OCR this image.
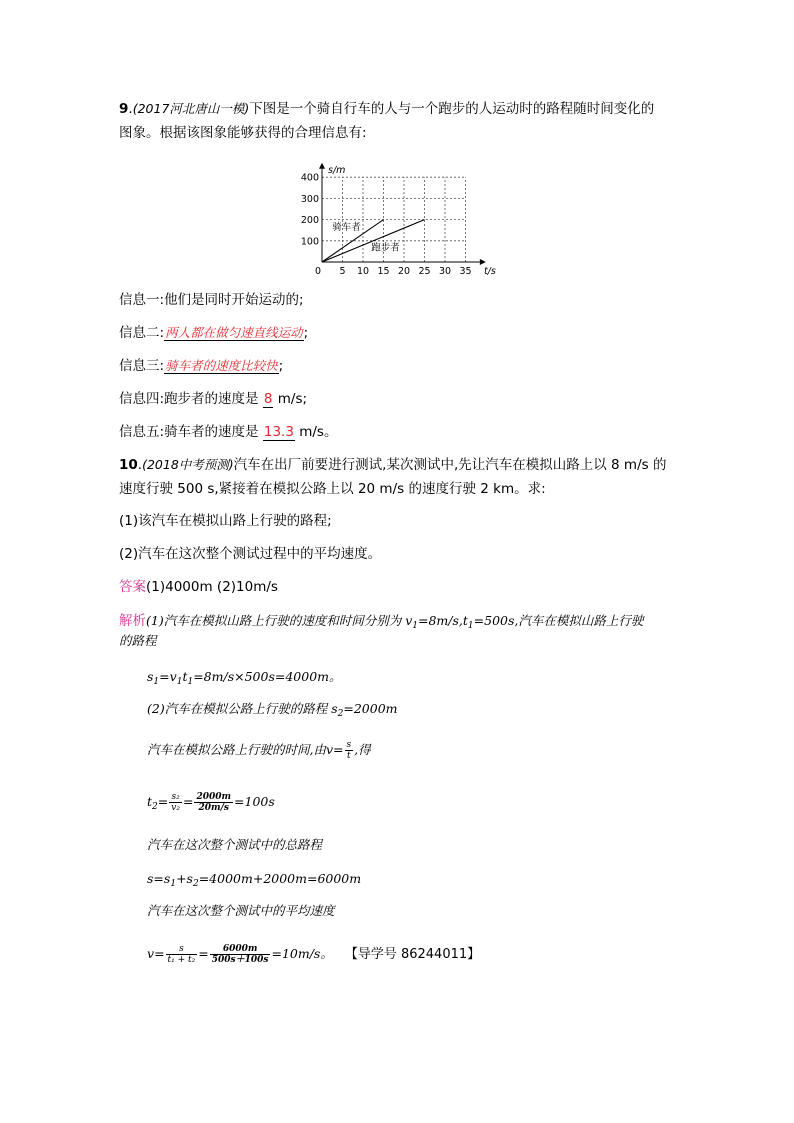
9.(2017河北唐山一模)下图是一个骑自行车的人与一个跑步的人运动时的路程随时间变化的
图象。根据该图象能够获得的合理信息有:
0 5 10 15 20 25 30 35
100
200
300
400
t/s
s/m
骑车者
跑步者
信息一:他们是同时开始运动的;
信息二:两人都在做匀速直线运动;
信息三:骑车者的速度比较快;
信息四:跑步者的速度是 8 m/s;
信息五:骑车者的速度是 13.3 m/s。
10.(2018中考预测)汽车在出厂前要进行测试,某次测试中,先让汽车在模拟山路上以 8 m/s 的
速度行驶 500 s,紧接着在模拟公路上以 20 m/s 的速度行驶 2 km。求:
(1)该汽车在模拟山路上行驶的路程;
(2)汽车在这次整个测试过程中的平均速度。
答案(1)4000m (2)10m/s
解析(1)汽车在模拟山路上行驶的速度和时间分别为 $v_1=8m/s,t_1=500s$,汽车在模拟山路上行驶
的路程
$s_1=v_1t_1=8m/s\times 500s=4000m$。
(2)汽车在模拟公路上行驶的路程 $s_2=2000m$
汽车在模拟公路上行驶的时间,由$v= \frac{s}{t}$ ,得
$t_2= \frac{\text{s₂}}{\text{v₂}} = \frac{2000m}{20m/s} =100s$
汽车在这次整个测试中的总路程
$s=s_1+s_2=4000m+2000m=6000m$
汽车在这次整个测试中的平均速度
$v= \frac{s}{\text{t₁ + t₂}} = \frac{6000m}{500s+100s} =10m/s$。 【导学号 86244011】
